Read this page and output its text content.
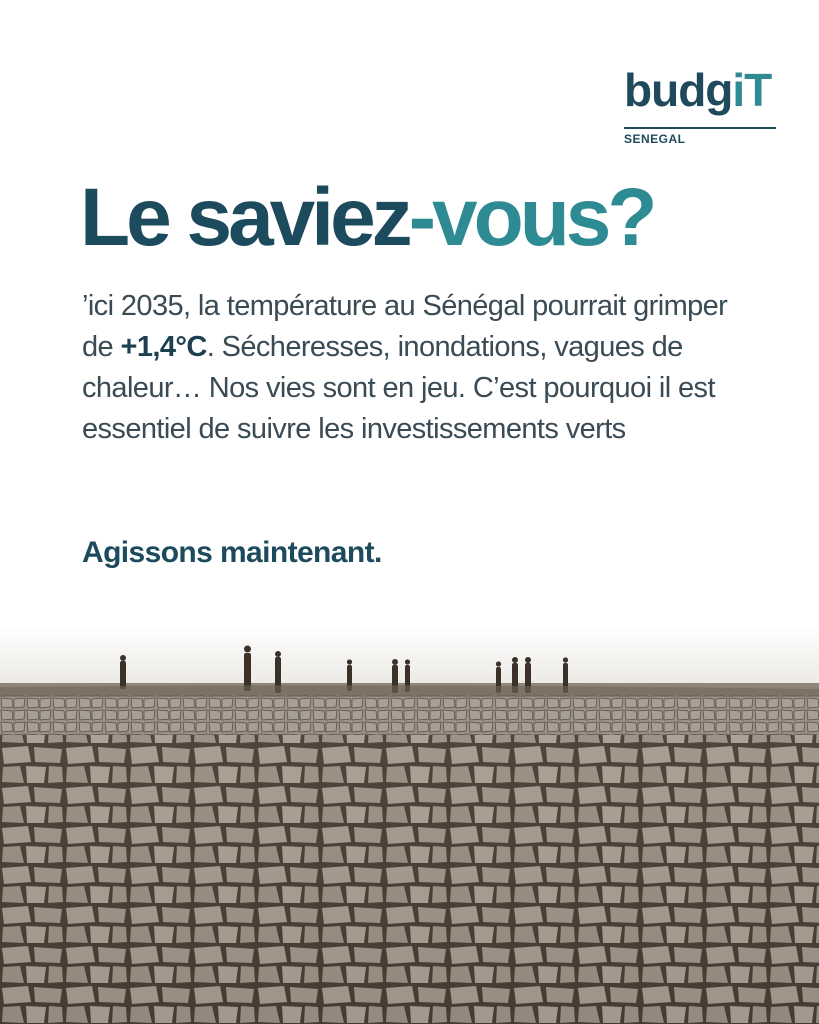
budgiT
SENEGAL
Le saviez-vous?

’ici 2035, la température au Sénégal pourrait grimper de +1,4°C. Sécheresses, inondations, vagues de chaleur… Nos vies sont en jeu. C’est pourquoi il est essentiel de suivre les investissements verts

Agissons maintenant.
